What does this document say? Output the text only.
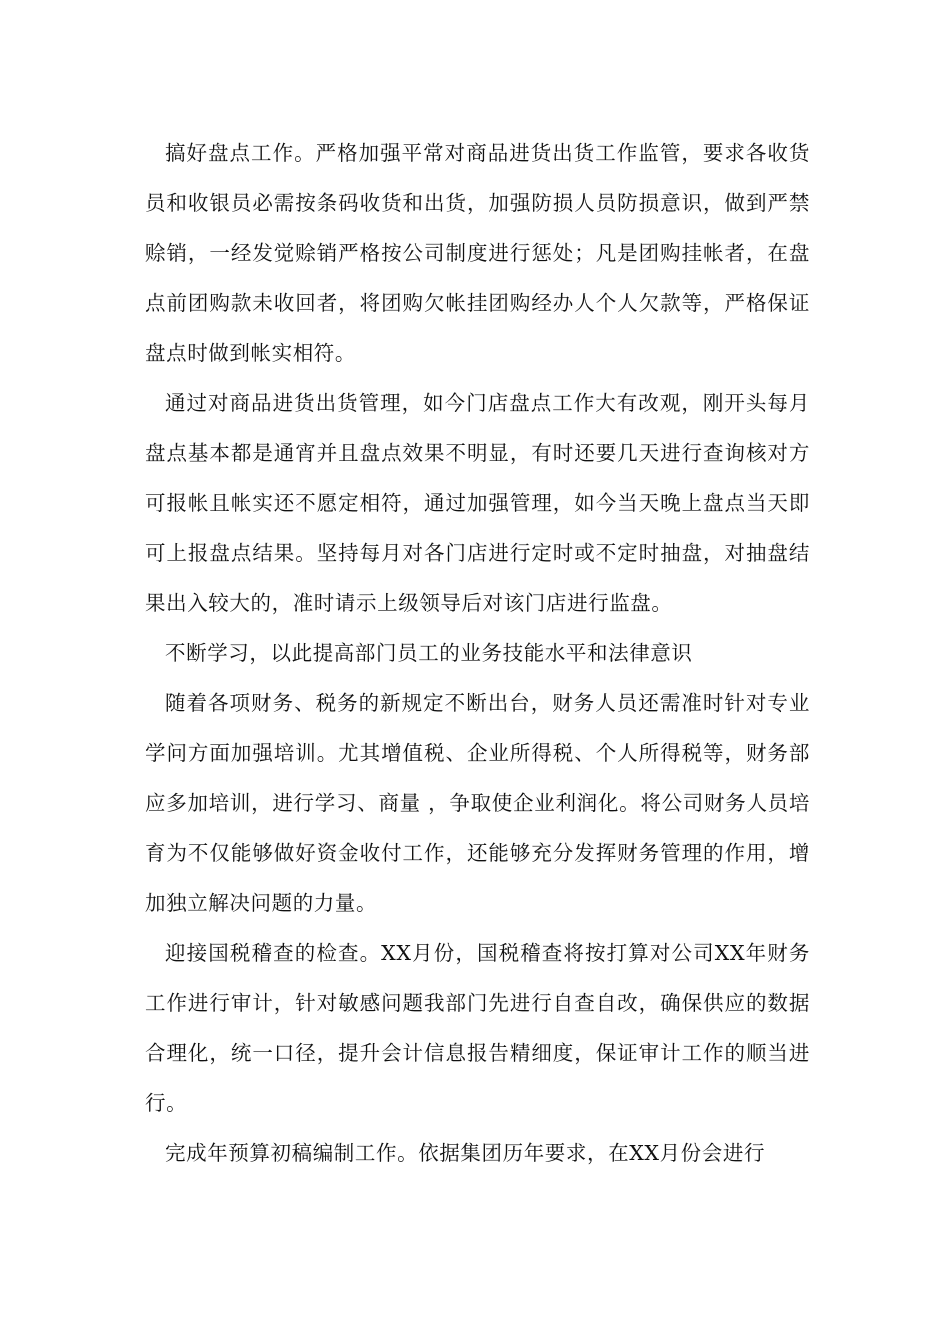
搞好盘点工作。严格加强平常对商品进货出货工作监管，要求各收货员和收银员必需按条码收货和出货，加强防损人员防损意识，做到严禁赊销，一经发觉赊销严格按公司制度进行惩处；凡是团购挂帐者，在盘点前团购款未收回者，将团购欠帐挂团购经办人个人欠款等，严格保证盘点时做到帐实相符。

通过对商品进货出货管理，如今门店盘点工作大有改观，刚开头每月盘点基本都是通宵并且盘点效果不明显，有时还要几天进行查询核对方可报帐且帐实还不愿定相符，通过加强管理，如今当天晚上盘点当天即可上报盘点结果。坚持每月对各门店进行定时或不定时抽盘，对抽盘结果出入较大的，准时请示上级领导后对该门店进行监盘。

不断学习，以此提高部门员工的业务技能水平和法律意识

随着各项财务、税务的新规定不断出台，财务人员还需准时针对专业学问方面加强培训。尤其增值税、企业所得税、个人所得税等，财务部应多加培训，进行学习、商量 ，争取使企业利润化。将公司财务人员培育为不仅能够做好资金收付工作，还能够充分发挥财务管理的作用，增加独立解决问题的力量。

迎接国税稽查的检查。XX月份，国税稽查将按打算对公司XX年财务工作进行审计，针对敏感问题我部门先进行自查自改，确保供应的数据合理化，统一口径，提升会计信息报告精细度，保证审计工作的顺当进行。

完成年预算初稿编制工作。依据集团历年要求，在XX月份会进行
